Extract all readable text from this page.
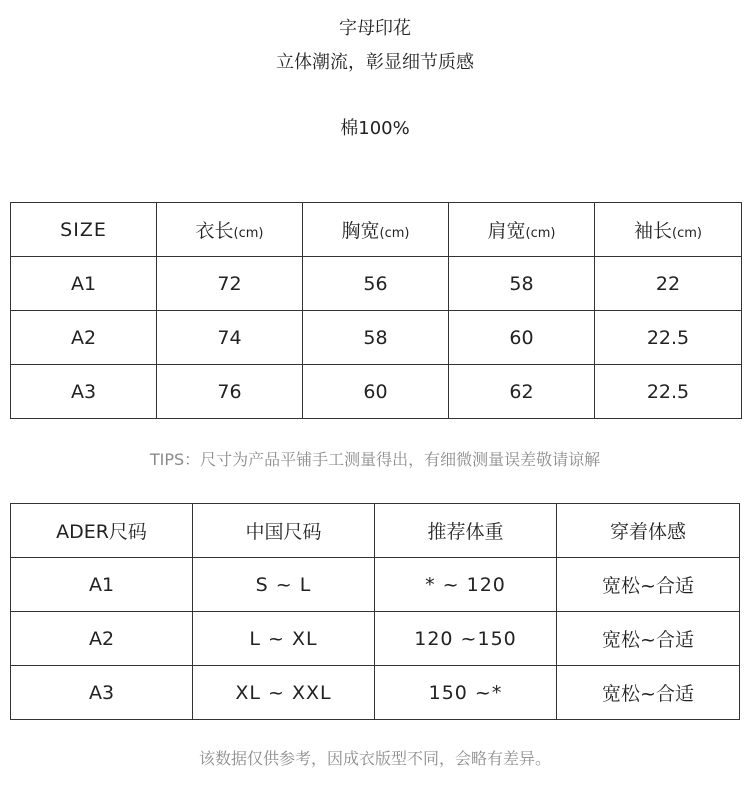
字母印花
立体潮流，彰显细节质感
棉100%
SIZE	衣长(cm)	胸宽(cm)	肩宽(cm)	袖长(cm)
A1	72	56	58	22
A2	74	58	60	22.5
A3	76	60	62	22.5
TIPS：尺寸为产品平铺手工测量得出，有细微测量误差敬请谅解
ADER尺码	中国尺码	推荐体重	穿着体感
A1	S ~ L	* ~ 120	宽松~合适
A2	L ~ XL	120 ~150	宽松~合适
A3	XL ~ XXL	150 ~*	宽松~合适
该数据仅供参考，因成衣版型不同，会略有差异。
